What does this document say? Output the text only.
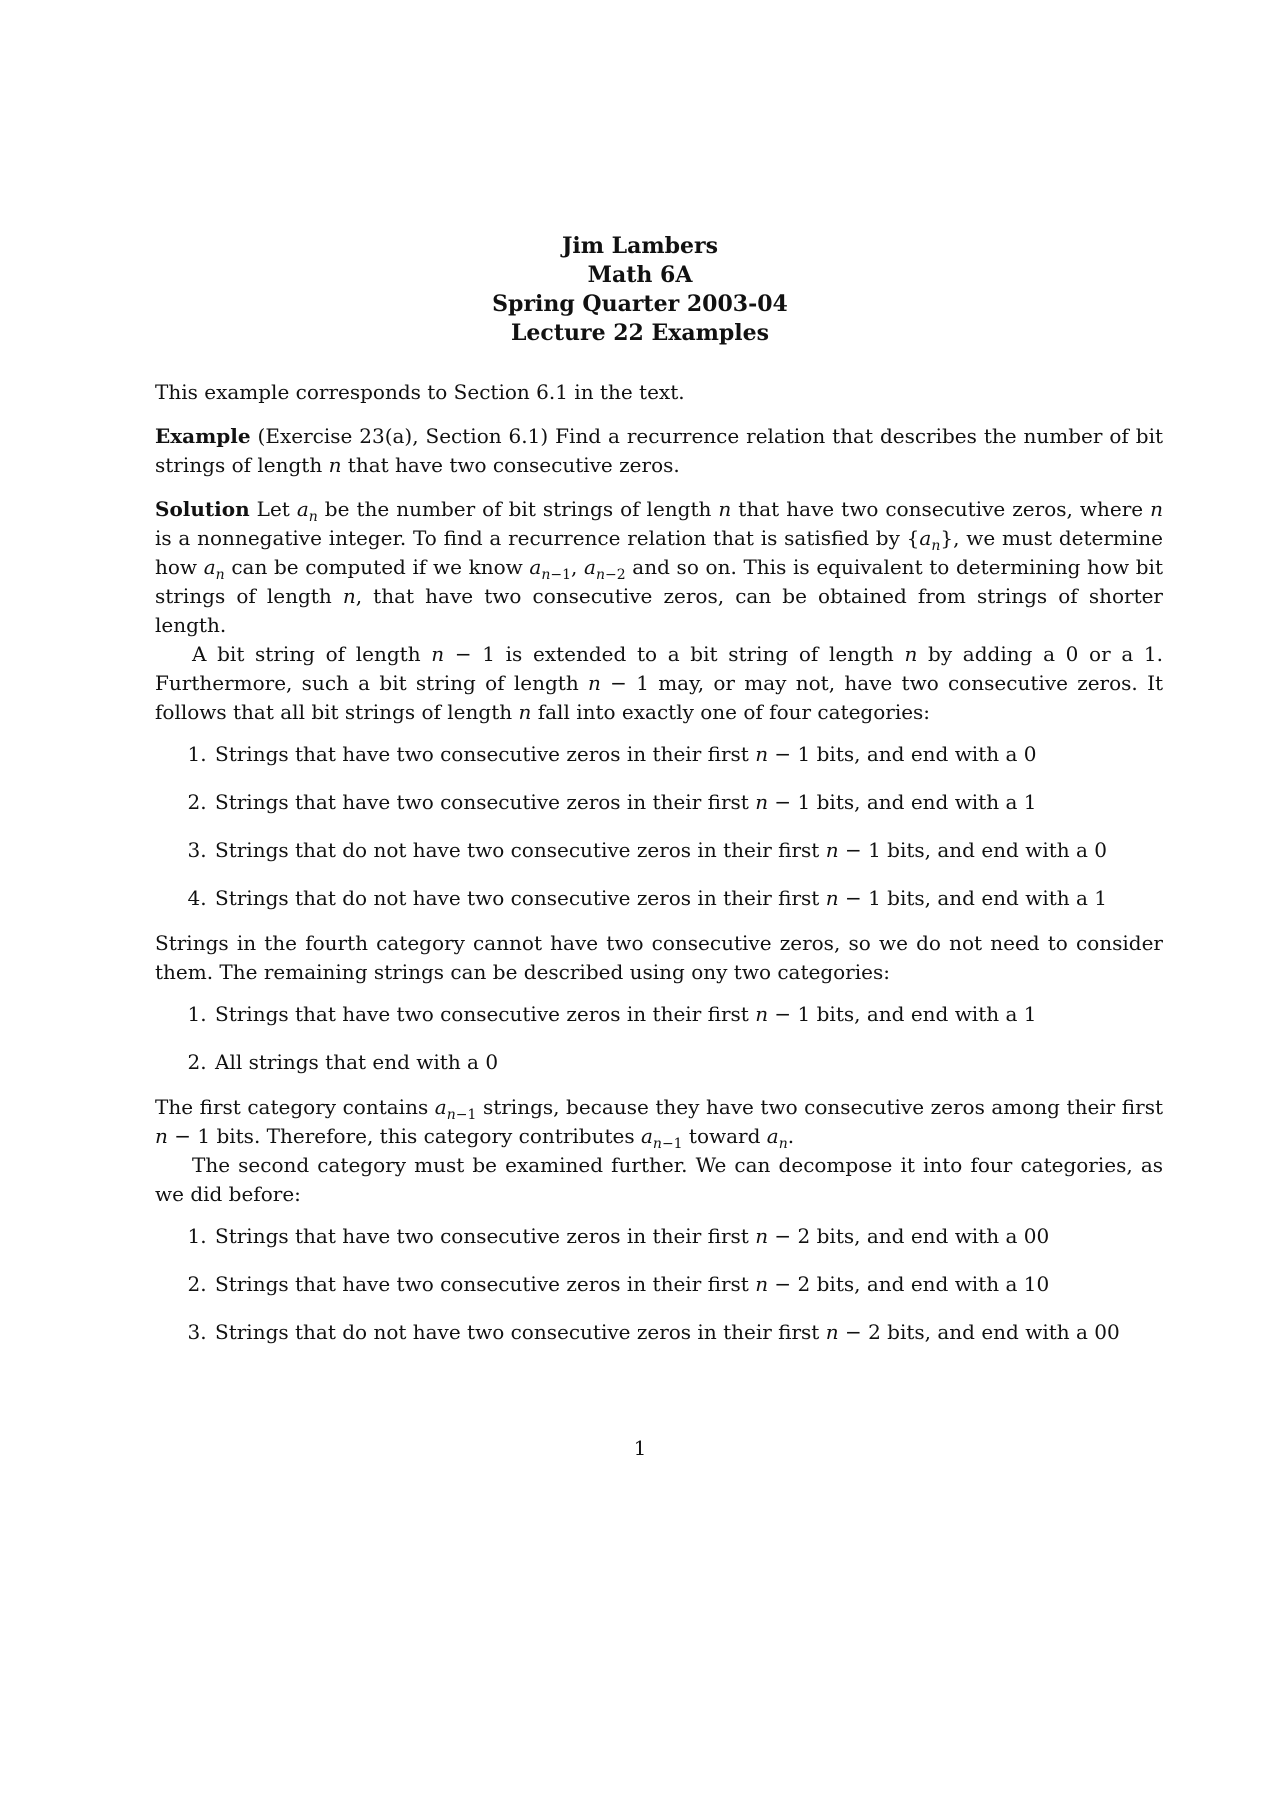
Jim Lambers
Math 6A
Spring Quarter 2003-04
Lecture 22 Examples

This example corresponds to Section 6.1 in the text.

Example (Exercise 23(a), Section 6.1) Find a recurrence relation that describes the number of bit strings of length n that have two consecutive zeros.

Solution Let $a_n$ be the number of bit strings of length n that have two consecutive zeros, where n is a nonnegative integer. To find a recurrence relation that is satisfied by $\{a_n\}$, we must determine how $a_n$ can be computed if we know $a_{n-1}$, $a_{n-2}$ and so on. This is equivalent to determining how bit strings of length n, that have two consecutive zeros, can be obtained from strings of shorter length.

A bit string of length n − 1 is extended to a bit string of length n by adding a 0 or a 1. Furthermore, such a bit string of length n − 1 may, or may not, have two consecutive zeros. It follows that all bit strings of length n fall into exactly one of four categories:

1. Strings that have two consecutive zeros in their first n − 1 bits, and end with a 0
2. Strings that have two consecutive zeros in their first n − 1 bits, and end with a 1
3. Strings that do not have two consecutive zeros in their first n − 1 bits, and end with a 0
4. Strings that do not have two consecutive zeros in their first n − 1 bits, and end with a 1

Strings in the fourth category cannot have two consecutive zeros, so we do not need to consider them. The remaining strings can be described using ony two categories:

1. Strings that have two consecutive zeros in their first n − 1 bits, and end with a 1
2. All strings that end with a 0

The first category contains $a_{n-1}$ strings, because they have two consecutive zeros among their first n − 1 bits. Therefore, this category contributes $a_{n-1}$ toward $a_n$.

The second category must be examined further. We can decompose it into four categories, as we did before:

1. Strings that have two consecutive zeros in their first n − 2 bits, and end with a 00
2. Strings that have two consecutive zeros in their first n − 2 bits, and end with a 10
3. Strings that do not have two consecutive zeros in their first n − 2 bits, and end with a 00
1
